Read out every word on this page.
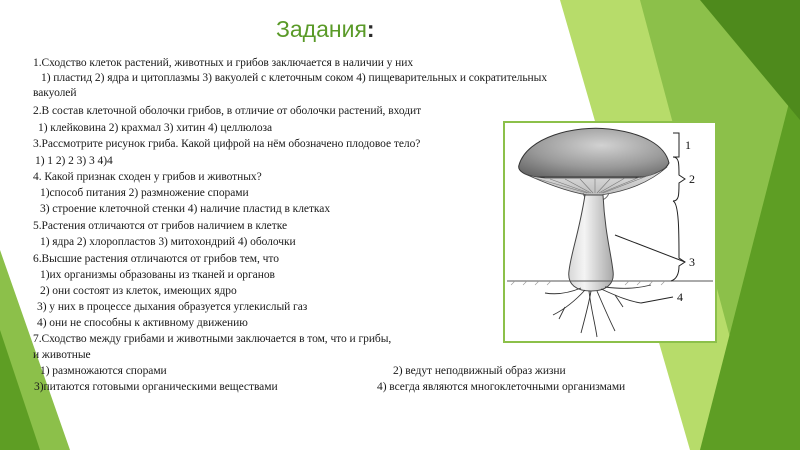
Задания:
1.Сходство клеток растений, животных и грибов заключается в наличии у них
1) пластид 2) ядра и цитоплазмы 3) вакуолей с клеточным соком 4) пищеварительных и сократительных
вакуолей
2.В состав клеточной оболочки грибов, в отличие от оболочки растений, входит
1) клейковина 2) крахмал 3) хитин 4) целлюлоза
3.Рассмотрите рисунок гриба. Какой цифрой на нём обозначено плодовое тело?
1) 1 2) 2 3) 3 4)4
4. Какой признак сходен у грибов и животных?
1)способ питания 2) размножение спорами
3) строение клеточной стенки 4) наличие пластид в клетках
5.Растения отличаются от грибов наличием в клетке
1) ядра 2) хлоропластов 3) митохондрий 4) оболочки
6.Высшие растения отличаются от грибов тем, что
1)их организмы образованы из тканей и органов
2) они состоят из клеток, имеющих ядро
3) у них в процессе дыхания образуется углекислый газ
4) они не способны к активному движению
7.Сходство между грибами и животными заключается в том, что и грибы,
и животные
1) размножаются спорами	2) ведут неподвижный образ жизни
3)питаются готовыми органическими веществами	4) всегда являются многоклеточными организмами
1
2
3
4
